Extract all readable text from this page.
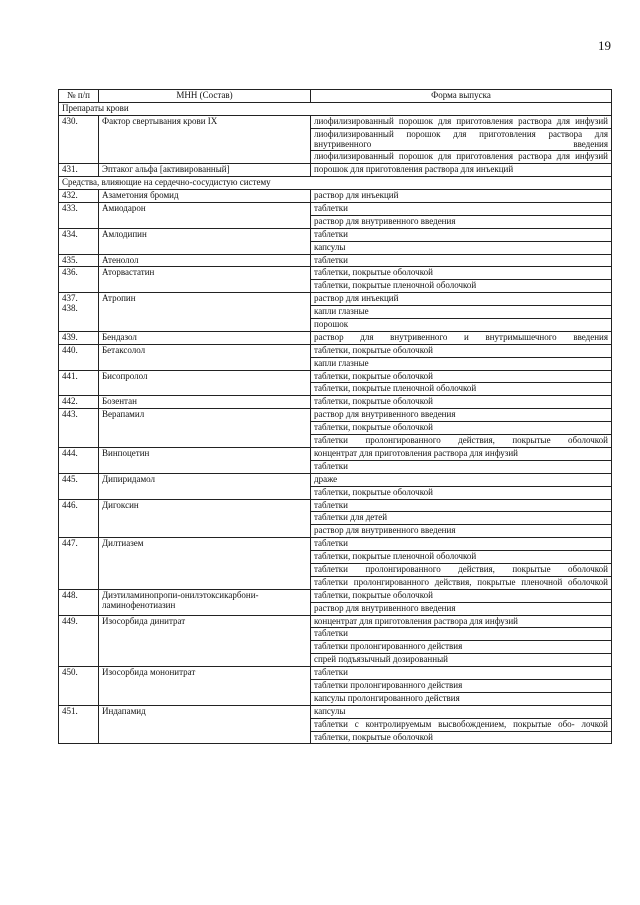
19
№ п/п	МНН (Состав)	Форма выпуска
Препараты крови		
430.	Фактор свертывания крови IX	лиофилизированный порошок для приготовления раствора для инфузий
		лиофилизированный порошок для приготовления раствора для внутривенного введения
		лиофилизированный порошок для приготовления раствора для инфузий
431.	Эптаког альфа [активированный]	порошок для приготовления раствора для инъекций
Средства, влияющие на сердечно-сосудистую систему		
432.	Азаметония бромид	раствор для инъекций
433.	Амиодарон	таблетки
		раствор для внутривенного введения
434.	Амлодипин	таблетки
		капсулы
435.	Атенолол	таблетки
436.	Аторвастатин	таблетки, покрытые оболочкой
		таблетки, покрытые пленочной оболочкой
437. 438.	Атропин	раствор для инъекций
		капли глазные
		порошок
439.	Бендазол	раствор для внутривенного и внутримышечного введения
440.	Бетаксолол	таблетки, покрытые оболочкой
		капли глазные
441.	Бисопролол	таблетки, покрытые оболочкой
		таблетки, покрытые пленочной оболочкой
442.	Бозентан	таблетки, покрытые оболочкой
443.	Верапамил	раствор для внутривенного введения
		таблетки, покрытые оболочкой
		таблетки пролонгированного действия, покрытые оболочкой
444.	Винпоцетин	концентрат для приготовления раствора для инфузий
		таблетки
445.	Дипиридамол	драже
		таблетки, покрытые оболочкой
446.	Дигоксин	таблетки
		таблетки для детей
		раствор для внутривенного введения
447.	Дилтиазем	таблетки
		таблетки, покрытые пленочной оболочкой
		таблетки пролонгированного действия, покрытые оболочкой
		таблетки пролонгированного действия, покрытые пленочной оболочкой
448.	Диэтиламинопропи-онилэтоксикарбони-ламинофенотиазин	таблетки, покрытые оболочкой
		раствор для внутривенного введения
449.	Изосорбида динитрат	концентрат для приготовления раствора для инфузий
		таблетки
		таблетки пролонгированного действия
		спрей подъязычный дозированный
450.	Изосорбида мононитрат	таблетки
		таблетки пролонгированного действия
		капсулы пролонгированного действия
451.	Индапамид	капсулы
		таблетки с контролируемым высвобождением, покрытые обо- лочкой
		таблетки, покрытые оболочкой
